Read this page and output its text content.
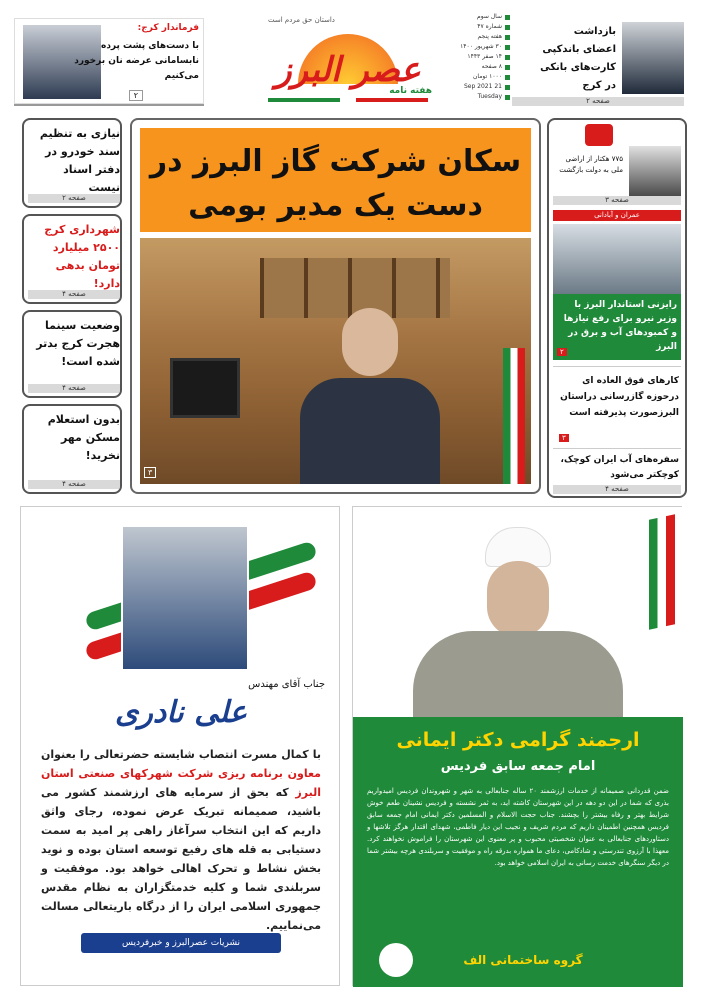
فرماندار کرج:
با دست‌های پشت پرده
نابسامانی عرضه نان برخورد
می‌کنیم
۲
داستان حق مردم است
عصر البرز
هفته نامه
سال سوم
شماره ۴۷
هفته پنجم
۳۰ شهریور ۱۴۰۰
۱۴ صفر ۱۴۴۳
۸ صفحه
۱۰۰۰ تومان
21 Sep 2021
Tuesday
بازداشت
اعضای باندکپی
کارت‌های بانکی
در کرج
صفحه ۲
نیازی به تنظیم سند خودرو در دفتر اسناد نیست
صفحه ۲
شهرداری کرج ۲۵۰۰ میلیارد تومان بدهی دارد!
صفحه ۴
وضعیت سینما هجرت کرج بدتر شده است!
صفحه ۴
بدون استعلام مسکن مهر نخرید!
صفحه ۴
سکان شرکت گاز البرز در
دست یک مدیر بومی
۳
۷۷۵ هکتار از اراضی ملی به دولت بازگشت
صفحه ۳
عمران و آبادانی
رایزنی استاندار البرز با وزیر نیرو برای رفع نیازها و کمبودهای آب و برق در البرز
۲
کارهای فوق العاده ای درحوزه گازرسانی دراستان البرزصورت پذیرفته است
۳
سفره‌های آب ایران کوچک، کوچکتر می‌شود
صفحه ۴
جناب آقای مهندس
علی نادری
با کمال مسرت انتصاب شایسته حضرتعالی را بعنوان معاون برنامه ریزی شرکت شهرکهای صنعتی استان البرز که بحق از سرمایه های ارزشمند کشور می باشید، صمیمانه تبریک عرض نموده، رجای واثق داریم که این انتخاب سرآغاز راهی پر امید به سمت دستیابی به قله های رفیع توسعه استان بوده و نوید بخش نشاط و تحرک اهالی خواهد بود. موفقیت و سربلندی شما و کلیه خدمتگزاران به نظام مقدس جمهوری اسلامی ایران را از درگاه باریتعالی مسالت می‌نماییم.
نشریات عصرالبرز و خبرفردیس
ارجمند گرامی دکتر ایمانی
امام جمعه سابق فردیس
ضمن قدردانی صمیمانه از خدمات ارزشمند ۲۰ ساله جنابعالی به شهر و شهروندان فردیس امیدواریم بذری که شما در این دو دهه در این شهرستان کاشته اید، به ثمر نشسته و فردیس نشینان طعم خوش شرایط بهتر و رفاه بیشتر را بچشند. جناب حجت الاسلام و المسلمین دکتر ایمانی امام جمعه سابق فردیس همچنین اطمینان داریم که مردم شریف و نجیب این دیار فاطمی، شهدای اقتدار هرگز تلاشها و دستاوردهای جنابعالی به عنوان شخصیتی محبوب و پر معنوی این شهرستان را فراموش نخواهند کرد. معهذا با آرزوی تندرستی و شادکامی، دعای ما همواره بدرقه راه و موفقیت و سربلندی هرچه بیشتر شما در دیگر سنگرهای خدمت رسانی به ایران اسلامی خواهد بود.
گروه ساختمانی الف
